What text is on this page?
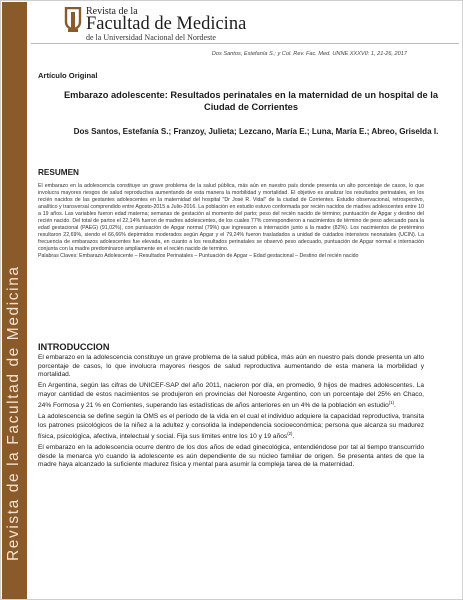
Revista de la Facultad de Medicina
Revista de la
Facultad de Medicina
de la Universidad Nacional del Nordeste
Dos Santos, Estefanía S.; y Col. Rev. Fac. Med. UNNE XXXVII: 1, 21-26, 2017
Artículo Original
Embarazo adolescente: Resultados perinatales en la maternidad de un hospital de la Ciudad de Corrientes
Dos Santos, Estefanía S.; Franzoy, Julieta; Lezcano, María E.; Luna, María E.; Abreo, Griselda I.
RESUMEN

El embarazo en la adolescencia constituye un grave problema de la salud pública, más aún en nuestro país donde presenta un alto porcentaje de casos, lo que involucra mayores riesgos de salud reproductiva aumentando de esta manera la morbilidad y mortalidad. El objetivo es analizar los resultados perinatales, en los recién nacidos de las gestantes adolescentes en la maternidad del hospital "Dr José R. Vidal" de la ciudad de Corrientes. Estudio observacional, retrospectivo, analítico y transversal comprendido entre Agosto-2015 a Julio-2016. La población en estudio estuvo conformada por recién nacidos de madres adolescentes entre 10 a 19 años. Las variables fueron edad materna; semanas de gestación al momento del parto; peso del recién nacido de término; puntuación de Apgar y destino del recién nacido. Del total de partos el 22,14% fueron de madres adolescentes, de los cuales 77% correspondieron a nacimientos de término de peso adecuado para la edad gestacional (PAEG) (91,02%), con puntuación de Apgar normal (79%) que ingresaron a internación junto a la madre (82%). Los nacimientos de pretérmino resultaron 22,69%, siendo el 66,66% depirmidos moderados según Apgar y el 79,24% fueron trasladados a unidad de cuidados intensivos neonatales (UCIN). La frecuencia de embarazos adolescentes fue elevada, en cuanto a los resultados perinatales se observó peso adecuado, puntuación de Apgar normal e internación conjunta con la madre predominaron ampliamente en el recién nacido de termino.

Palabras Claves: Embarazo Adolescente – Resultados Perinatales – Puntuación de Apgar – Edad gestacional – Destino del recién nacido

INTRODUCCION

El embarazo en la adolescencia constituye un grave problema de la salud pública, más aún en nuestro país donde presenta un alto porcentaje de casos, lo que involucra mayores riesgos de salud reproductiva aumentando de esta manera la morbilidad y mortalidad.

En Argentina, según las cifras de UNICEF-SAP del año 2011, nacieron por día, en promedio, 9 hijos de madres adolescentes. La mayor cantidad de estos nacimientos se produjeron en provincias del Noroeste Argentino, con un porcentaje del 25% en Chaco, 24% Formosa y 21 % en Corrientes, superando las estadísticas de años anteriores en un 4% de la población en estudio$^{(1)}$.

La adolescencia se define según la OMS es el período de la vida en el cual el individuo adquiere la capacidad reproductiva, transita los patrones psicológicos de la niñez a la adultez y consolida la independencia socioeconómica; persona que alcanza su madurez física, psicológica, afectiva, intelectual y social. Fija sus límites entre los 10 y 19 años$^{(2)}$.

El embarazo en la adolescencia ocurre dentro de los dos años de edad ginecológica, entendiéndose por tal al tiempo transcurrido desde la menarca y/o cuando la adolescente es aún dependiente de su núcleo familiar de origen. Se presenta antes de que la madre haya alcanzado la suficiente madurez física y mental para asumir la compleja tarea de la maternidad.
